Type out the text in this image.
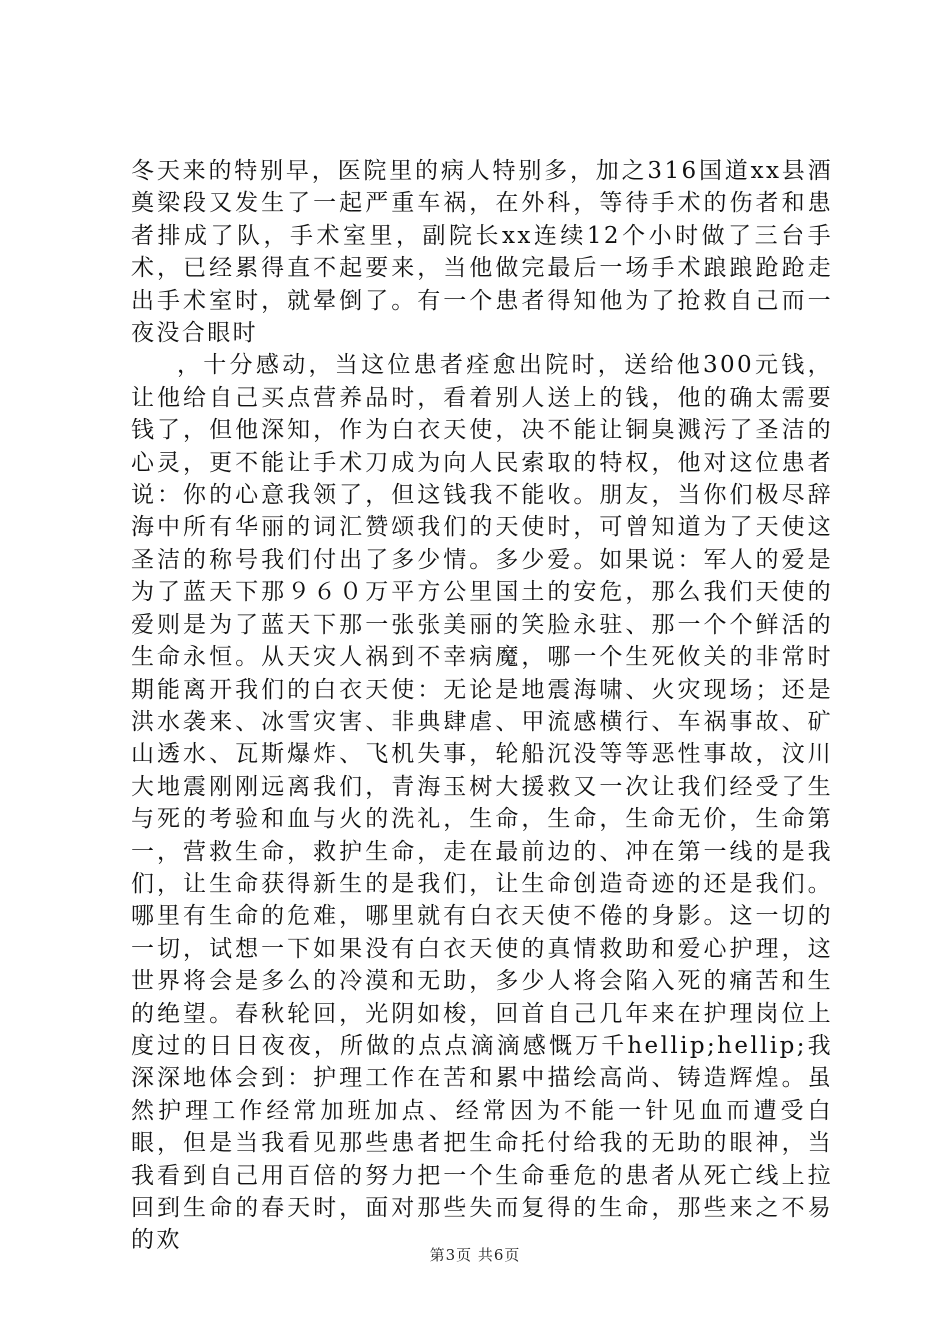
冬天来的特别早，医院里的病人特别多，加之316国道xx县酒奠梁段又发生了一起严重车祸，在外科，等待手术的伤者和患者排成了队，手术室里，副院长xx连续12个小时做了三台手术，已经累得直不起要来，当他做完最后一场手术踉踉跄跄走出手术室时，就晕倒了。有一个患者得知他为了抢救自己而一夜没合眼时

，十分感动，当这位患者痊愈出院时，送给他300元钱，让他给自己买点营养品时，看着别人送上的钱，他的确太需要钱了，但他深知，作为白衣天使，决不能让铜臭溅污了圣洁的心灵，更不能让手术刀成为向人民索取的特权，他对这位患者说：你的心意我领了，但这钱我不能收。朋友，当你们极尽辞海中所有华丽的词汇赞颂我们的天使时，可曾知道为了天使这圣洁的称号我们付出了多少情。多少爱。如果说：军人的爱是为了蓝天下那９６０万平方公里国土的安危，那么我们天使的爱则是为了蓝天下那一张张美丽的笑脸永驻、那一个个鲜活的生命永恒。从天灾人祸到不幸病魔，哪一个生死攸关的非常时期能离开我们的白衣天使：无论是地震海啸、火灾现场；还是洪水袭来、冰雪灾害、非典肆虐、甲流感横行、车祸事故、矿山透水、瓦斯爆炸、飞机失事，轮船沉没等等恶性事故，汶川大地震刚刚远离我们，青海玉树大援救又一次让我们经受了生与死的考验和血与火的洗礼，生命，生命，生命无价，生命第一，营救生命，救护生命，走在最前边的、冲在第一线的是我们，让生命获得新生的是我们，让生命创造奇迹的还是我们。哪里有生命的危难，哪里就有白衣天使不倦的身影。这一切的一切，试想一下如果没有白衣天使的真情救助和爱心护理，这世界将会是多么的冷漠和无助，多少人将会陷入死的痛苦和生的绝望。春秋轮回，光阴如梭，回首自己几年来在护理岗位上度过的日日夜夜，所做的点点滴滴感慨万千hellip;hellip;我深深地体会到：护理工作在苦和累中描绘高尚、铸造辉煌。虽然护理工作经常加班加点、经常因为不能一针见血而遭受白眼，但是当我看见那些患者把生命托付给我的无助的眼神，当我看到自己用百倍的努力把一个生命垂危的患者从死亡线上拉回到生命的春天时，面对那些失而复得的生命，那些来之不易的欢

第3页 共6页
